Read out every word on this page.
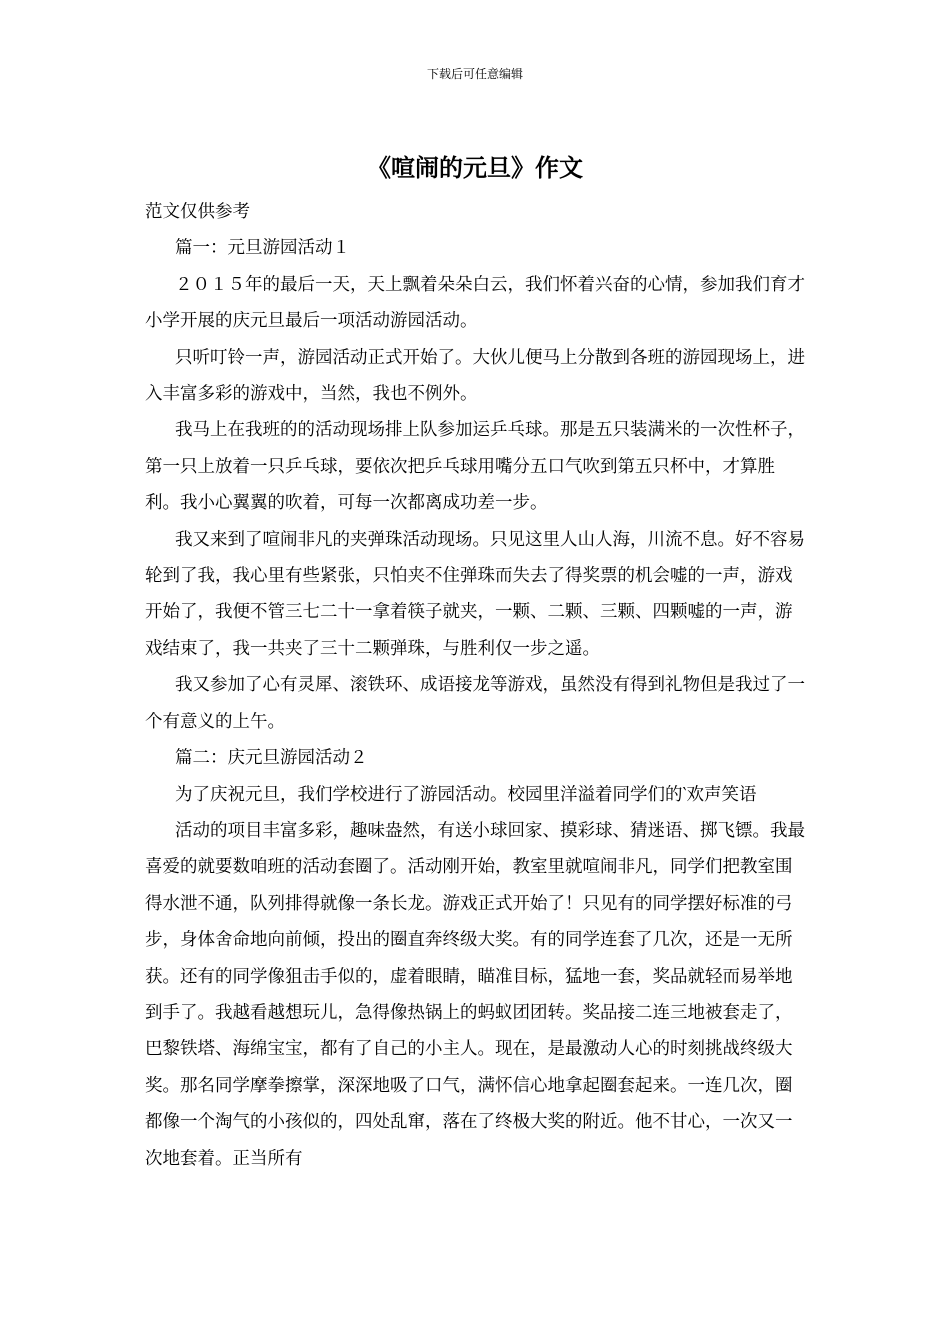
下载后可任意编辑
《喧闹的元旦》作文

范文仅供参考

篇一：元旦游园活动１

２０１５年的最后一天，天上飘着朵朵白云，我们怀着兴奋的心情，参加我们育才小学开展的庆元旦最后一项活动游园活动。

只听叮铃一声，游园活动正式开始了。大伙儿便马上分散到各班的游园现场上，进入丰富多彩的游戏中，当然，我也不例外。

我马上在我班的的活动现场排上队参加运乒乓球。那是五只装满米的一次性杯子，第一只上放着一只乒乓球，要依次把乒乓球用嘴分五口气吹到第五只杯中，才算胜利。我小心翼翼的吹着，可每一次都离成功差一步。

我又来到了喧闹非凡的夹弹珠活动现场。只见这里人山人海，川流不息。好不容易轮到了我，我心里有些紧张，只怕夹不住弹珠而失去了得奖票的机会嘘的一声，游戏开始了，我便不管三七二十一拿着筷子就夹，一颗、二颗、三颗、四颗嘘的一声，游戏结束了，我一共夹了三十二颗弹珠，与胜利仅一步之遥。

我又参加了心有灵犀、滚铁环、成语接龙等游戏，虽然没有得到礼物但是我过了一个有意义的上午。

篇二：庆元旦游园活动２

为了庆祝元旦，我们学校进行了游园活动。校园里洋溢着同学们的‵欢声笑语

活动的项目丰富多彩，趣味盎然，有送小球回家、摸彩球、猜迷语、掷飞镖。我最喜爱的就要数咱班的活动套圈了。活动刚开始，教室里就喧闹非凡，同学们把教室围得水泄不通，队列排得就像一条长龙。游戏正式开始了！只见有的同学摆好标准的弓步，身体舍命地向前倾，投出的圈直奔终级大奖。有的同学连套了几次，还是一无所获。还有的同学像狙击手似的，虚着眼睛，瞄准目标，猛地一套，奖品就轻而易举地到手了。我越看越想玩儿，急得像热锅上的蚂蚁团团转。奖品接二连三地被套走了，巴黎铁塔、海绵宝宝，都有了自己的小主人。现在，是最激动人心的时刻挑战终级大奖。那名同学摩拳擦掌，深深地吸了口气，满怀信心地拿起圈套起来。一连几次，圈都像一个淘气的小孩似的，四处乱窜，落在了终极大奖的附近。他不甘心，一次又一次地套着。正当所有
